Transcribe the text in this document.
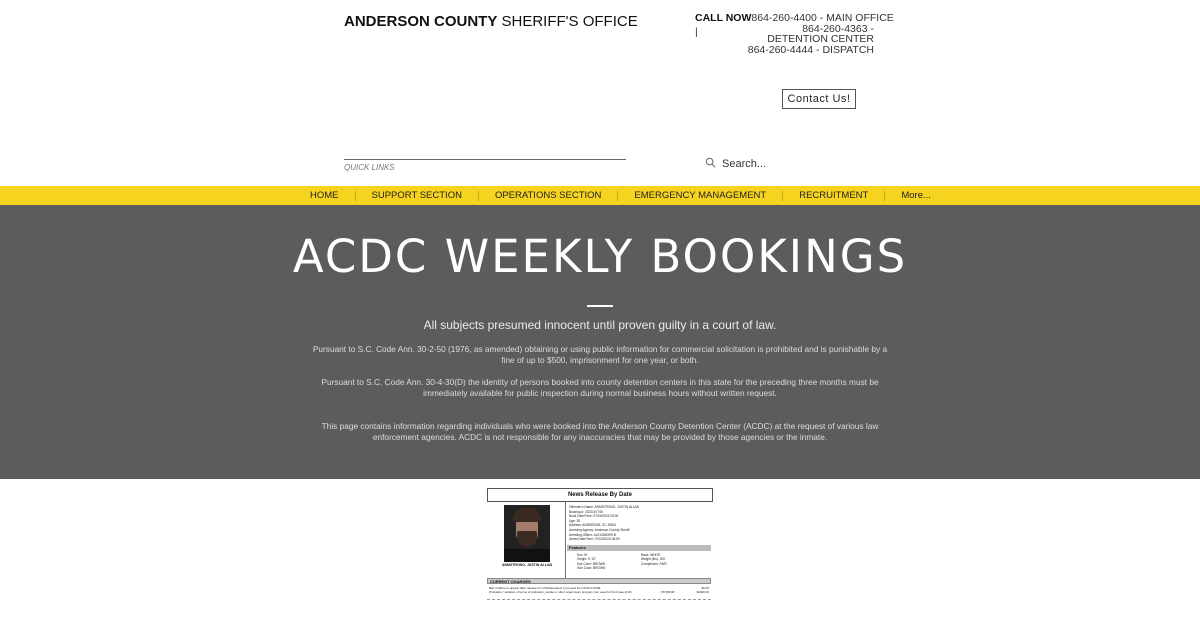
ANDERSON COUNTY SHERIFF'S OFFICE	CALL NOW 864-260-4400 - MAIN OFFICE
|	864-260-4363 - DETENTION CENTER
864-260-4444 - DISPATCH
Contact Us!
QUICK LINKS
Search...
HOME	SUPPORT SECTION	OPERATIONS SECTION	EMERGENCY MANAGEMENT	RECRUITMENT	More...
ACDC WEEKLY BOOKINGS
All subjects presumed innocent until proven guilty in a court of law.
Pursuant to S.C. Code Ann. 30-2-50 (1976, as amended) obtaining or using public information for commercial solicitation is prohibited and is punishable by a fine of up to $500, imprisonment for one year, or both.
Pursuant to S.C. Code Ann. 30-4-30(D) the identity of persons booked into county detention centers in this state for the preceding three months must be immediately available for public inspection during normal business hours without written request.
This page contains information regarding individuals who were booked into the Anderson County Detention Center (ACDC) at the request of various law enforcement agencies. ACDC is not responsible for any inaccuracies that may be provided by those agencies or the inmate.
News Release By Date
ARMSTRONG, JUSTIN ALLAN
Offender's Name: ARMSTRONG, JUSTIN ALLAN
Booking #: 2023167745
Book Date/Time: 07/04/2023 09:00
Age: 35
Address: ANDERSON, SC 29621
Arresting Agency: Anderson County Sheriff
Arresting Officer: ALEXANDER B.
Arrest Date/Time: 07/03/2023 06:00
Features
Sex: M	Race: WHITE
Height: 5' 10"	Weight (lbs): 200
Eye Color: BROWN	Complexion: FAIR
Hair Color: BROWN
CURRENT CHARGES
Bail / Failure to appear after release for a Misdemeanor (not used from 6/30 to 6/08)	$0.00
Probation / violation of terms of probation, parole or other supervisory program (not used for DJJ case 2/10)	PR BOND	$4000.00
